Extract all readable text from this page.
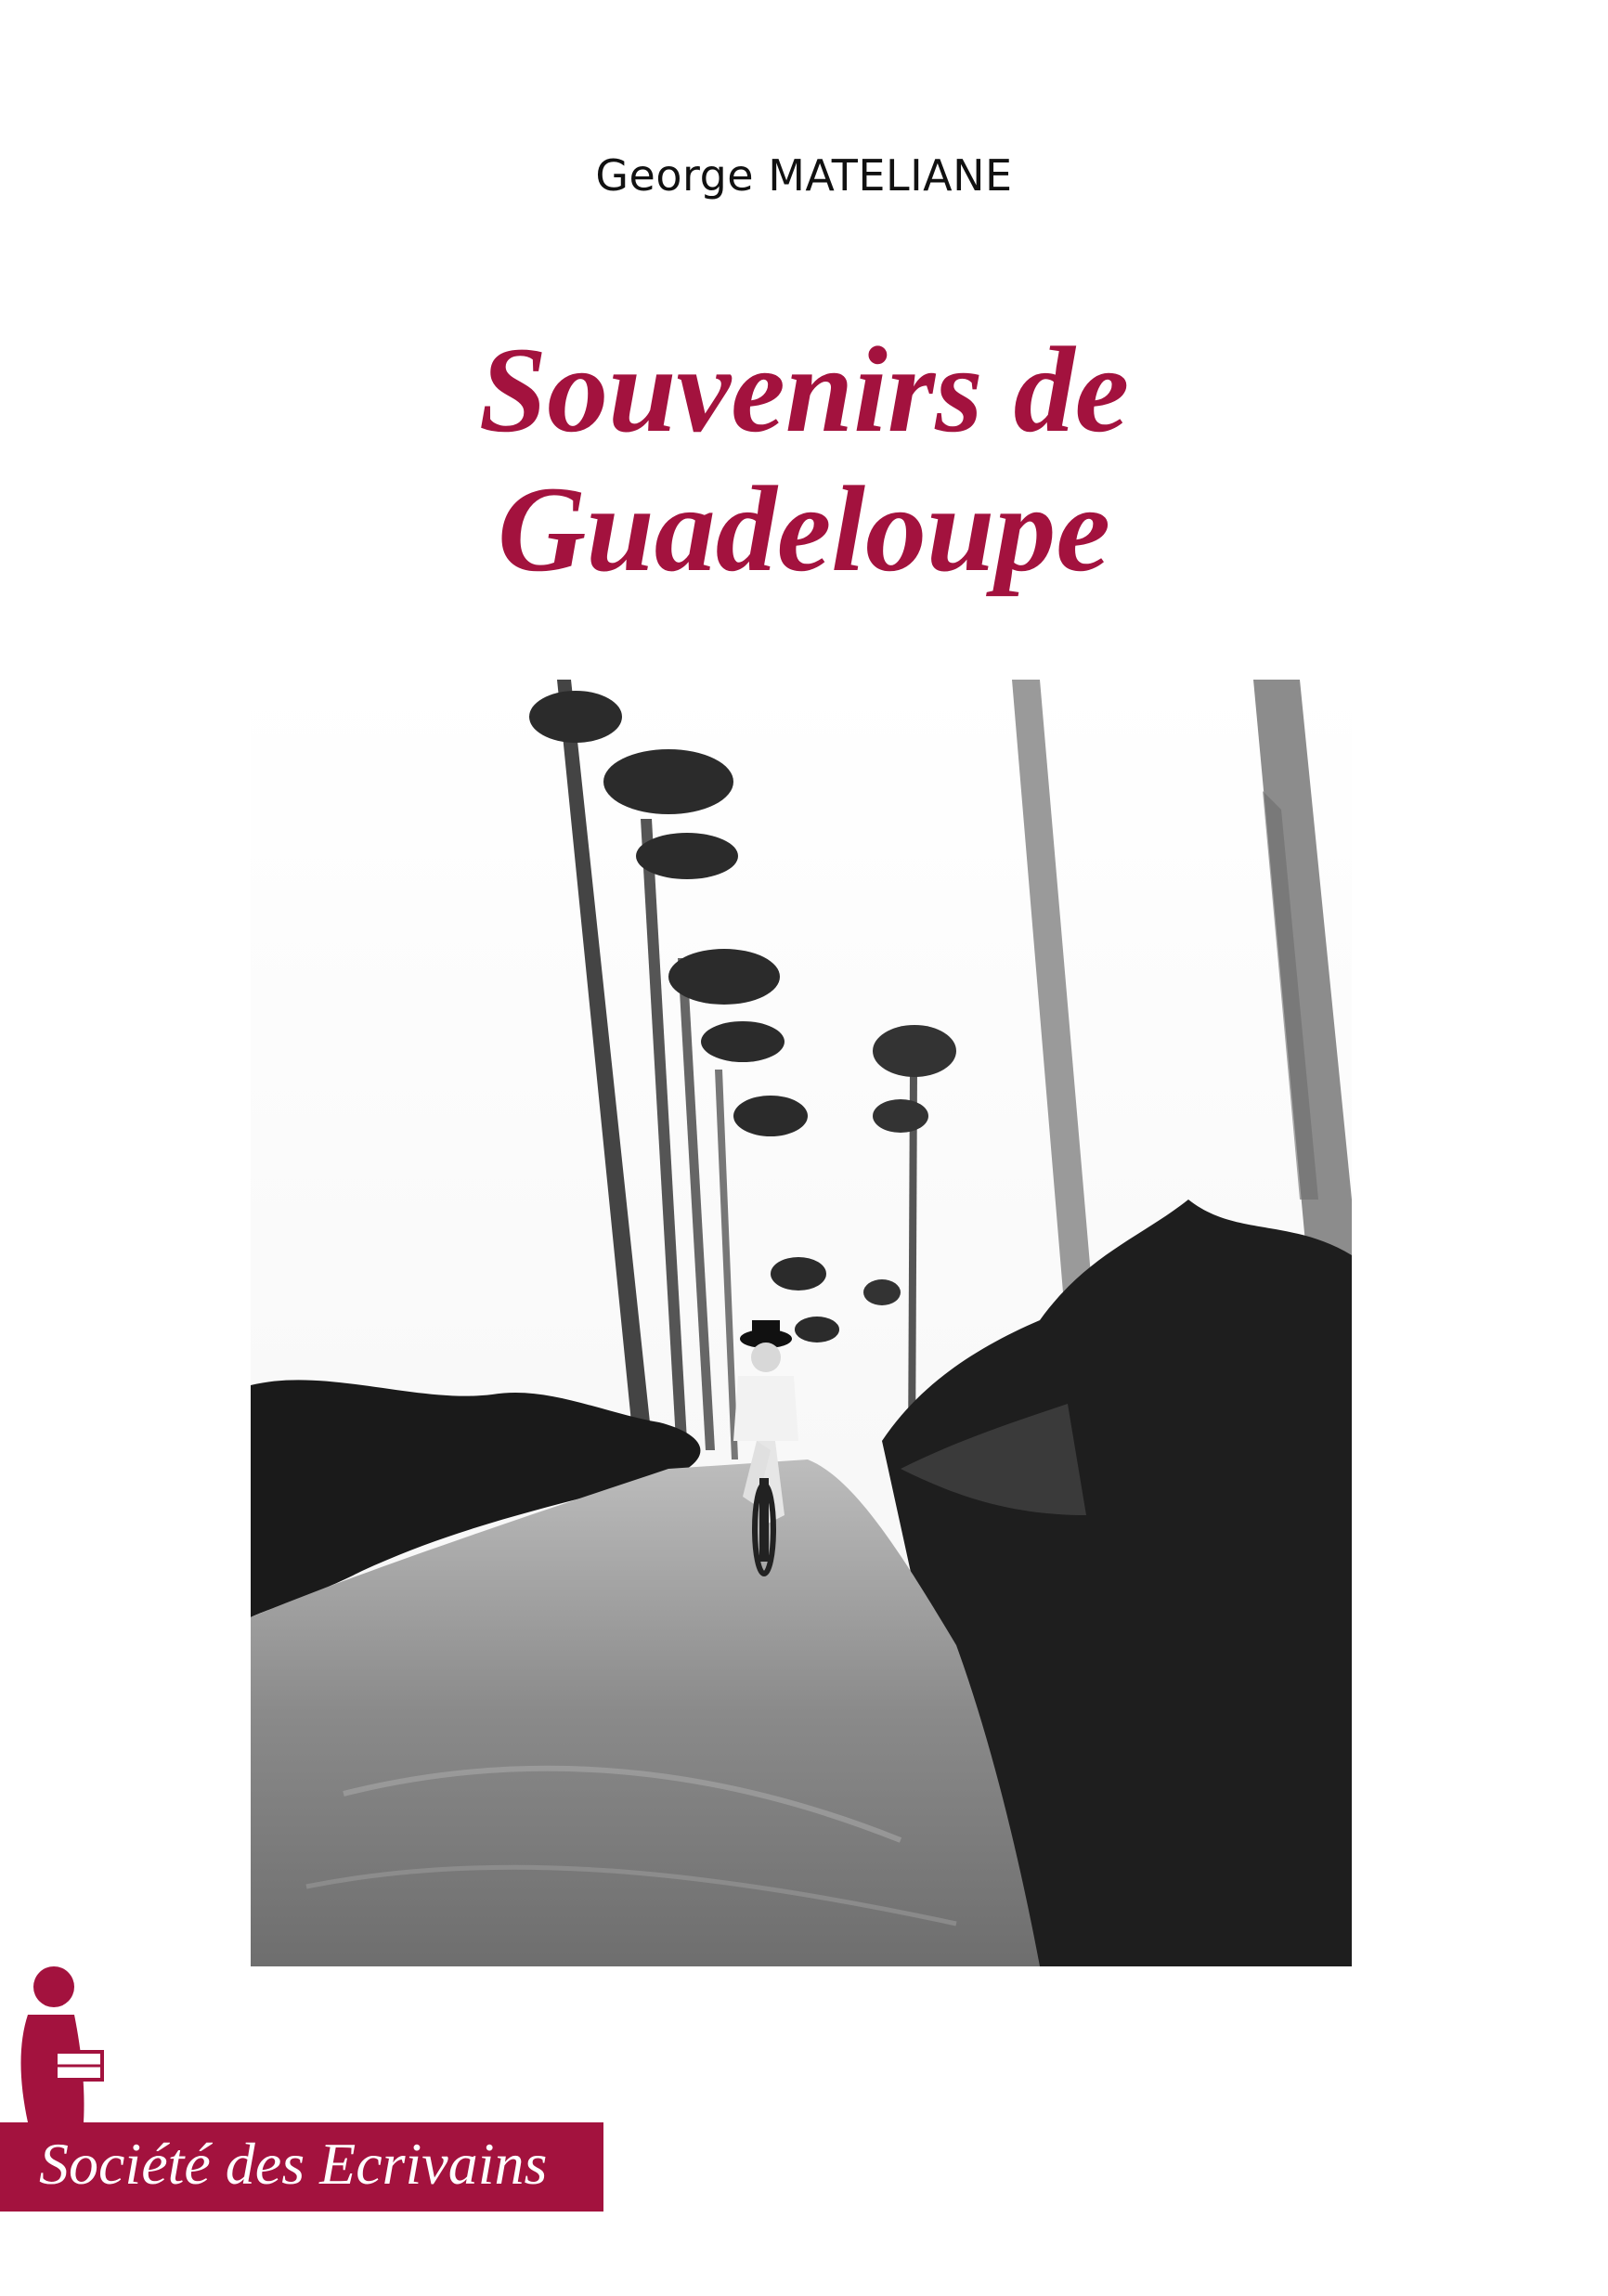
George MATELIANE
Souvenirs de
Guadeloupe
Société des Ecrivains
